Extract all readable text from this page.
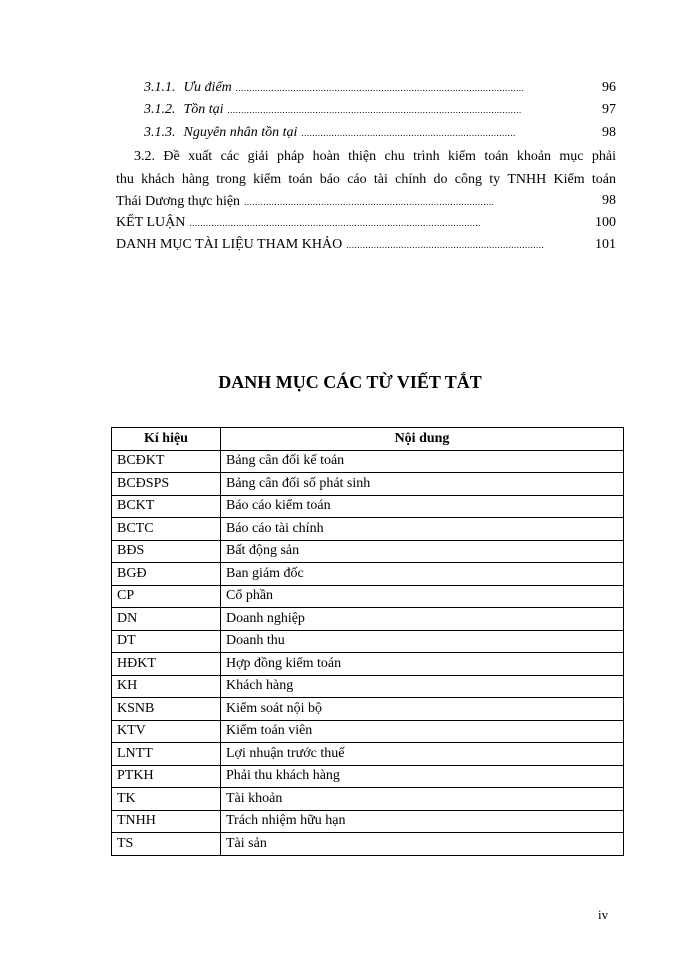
3.1.1. Ưu điểm .........................................................................................................	96
3.1.2. Tồn tại ...........................................................................................................	97
3.1.3. Nguyên nhân tồn tại ..............................................................................	98
3.2. Đề xuất các giải pháp hoàn thiện chu trình kiểm toán khoản mục phải
thu khách hàng trong kiểm toán báo cáo tài chính do công ty TNHH Kiểm toán
Thái Dương thực hiện ...........................................................................................	98
KẾT LUẬN ..........................................................................................................	100
DANH MỤC TÀI LIỆU THAM KHẢO ........................................................................	101
DANH MỤC CÁC TỪ VIẾT TẮT
Kí hiệu	Nội dung
BCĐKT	Bảng cân đối kế toán
BCĐSPS	Bảng cân đối số phát sinh
BCKT	Báo cáo kiểm toán
BCTC	Báo cáo tài chính
BĐS	Bất động sản
BGĐ	Ban giám đốc
CP	Cổ phần
DN	Doanh nghiệp
DT	Doanh thu
HĐKT	Hợp đồng kiểm toán
KH	Khách hàng
KSNB	Kiểm soát nội bộ
KTV	Kiểm toán viên
LNTT	Lợi nhuận trước thuế
PTKH	Phải thu khách hàng
TK	Tài khoản
TNHH	Trách nhiệm hữu hạn
TS	Tài sản
iv
